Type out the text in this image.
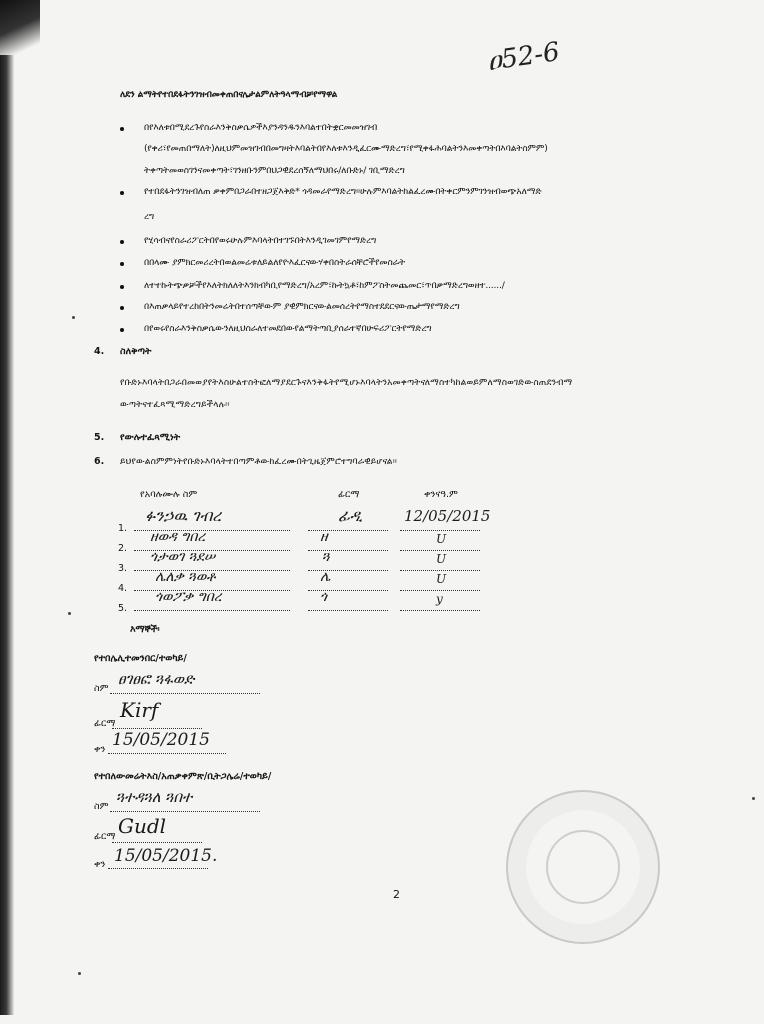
ዐ52-6
ለደን ልማትየተበደፋትንገዝብመቀጠበናሌታልምለትዓላማብቻየማዋል
በየእለቱበሚደረጉየስራእንቅስቃሴዎችእያንዳንዱንእባልተበትቋርመመዝገብ
(የቀሪ፣የመጠበማለት)ለዚህምመዝገብበመግዛትእባልትበየእለቱእንዲፈርሙማድረግ፣የሚቀፋሕባልትንእመቀጣትበእባልትስምም)
ትቀጣትመወስገንናመቀጣት፣ገንዘቡንምበህጋዊደረሰኝለማህበሩ/ለቡድኑ/ ገቢማድረግ
የተበደፋትንገዝብለጠ ቃቀምበጋራበተዘጋጀእቅድ* ጎዳመራየማድረግ፡፡ሁሉምእባልትከልፈረሙበትቀርምንምገንዝብወጭአለማድ
ረግ
የሂሳብናየስራሪፖርትበየወሩሁሉምእባላትበተገኙበትእንዲገመገምየማድረግ
በበላሙ ያምክርመሪረትበወልመሬቱለይልለየዮእፈርናውሃቀበስትራሰቸሮችየመስራት
ለተተኩትጭቃቻችየእለትክለለትእንክብካቢየማድረግ/አረም፣ኩትኳቶ፣ከምፖስትመጨመር፣ጥበቃማድረግወዘተ....../
በእጠቃላይየተረከበትንመሬትበተሰጣቸውም ያዊምክርናውልመሰረትየማስተደደርናውጤታማየማድረግ
በየወሩየስራእንቅስቃሴውንለዚህስራለተመደበውየልማትጣቢያሰራተኛበሁፍሪፖርትየማድረግ
4. ስለቅጣት
የቡድኑእባላትበጋራበመወያየትእስሁልተስትፎለማያደርጉናእንቅፋትየሚሆኑእባላትንአመቀጣትናለማስተካከልወይምለማስወገድውስጠደንብማ
ውጣትናተፈጻሚማድረግይችላሉ፡፡
5. የውሉተፈጻሚነት
6. ይህየውልስምምነትየቡድኑእባላትተበጣምቶውከፈረሙበትጊዜጀምሮተግባራዊይሆናል፡፡
የአባሉሙሉ ስም	ፊርማ	ቀንናዓ.ም
1.
ፉንኃዉ ገብረ	ፊዲ	12/05/2015
2.
ዘወዳ ግበረ	ዘ	U
3.
ጎታወገ ጓደሠ	ጓ	U
4.
ሌለቃ ጓወቶ	ሌ	U
5.
ጎወፖቃ ግበረ	ጎ	y
እማኞች፡
የተበሌሊተመንበር/ተወካይ/
ስም
ፀገፀፎ ጓፋወድ
ፊርማ
Kirf
ቀን 15/05/2015
የተበለውመሬትእስ/አጠቃቀምጽ/ቢትጋሌሬ/ተወካይ/
ስም
ጓተዳጓለ ጓበተ
ፊርማ Gudl
ቀን 15/05/2015.
2
